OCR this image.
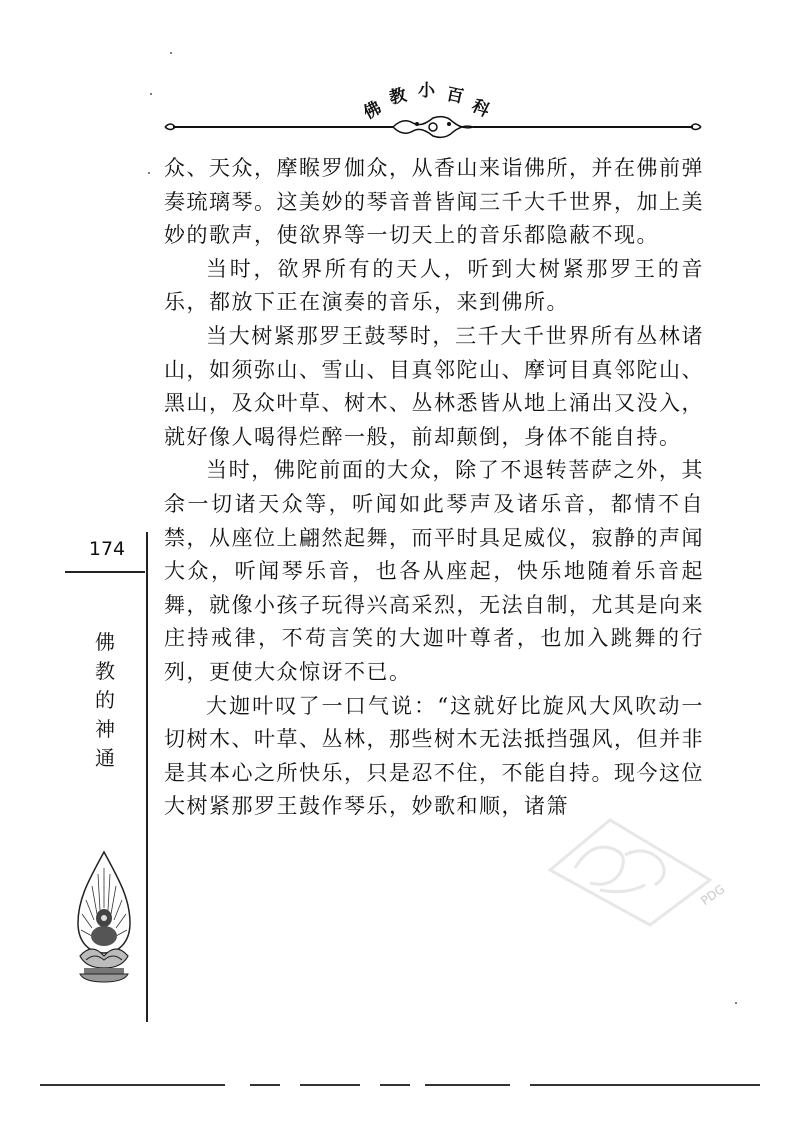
佛
教 小 百
科

众、天众，摩睺罗伽众，从香山来诣佛所，并在佛前弹奏琉璃琴。这美妙的琴音普皆闻三千大千世界，加上美妙的歌声，使欲界等一切天上的音乐都隐蔽不现。

当时，欲界所有的天人，听到大树紧那罗王的音乐，都放下正在演奏的音乐，来到佛所。

当大树紧那罗王鼓琴时，三千大千世界所有丛林诸山，如须弥山、雪山、目真邻陀山、摩诃目真邻陀山、黑山，及众叶草、树木、丛林悉皆从地上涌出又没入，就好像人喝得烂醉一般，前却颠倒，身体不能自持。

当时，佛陀前面的大众，除了不退转菩萨之外，其余一切诸天众等，听闻如此琴声及诸乐音，都情不自禁，从座位上翩然起舞，而平时具足威仪，寂静的声闻大众，听闻琴乐音，也各从座起，快乐地随着乐音起舞，就像小孩子玩得兴高采烈，无法自制，尤其是向来庄持戒律，不苟言笑的大迦叶尊者，也加入跳舞的行列，更使大众惊讶不已。

大迦叶叹了一口气说：“这就好比旋风大风吹动一切树木、叶草、丛林，那些树木无法抵挡强风，但并非是其本心之所快乐，只是忍不住，不能自持。现今这位大树紧那罗王鼓作琴乐，妙歌和顺，诸箫

174
佛
教
的
神
通
PDG
